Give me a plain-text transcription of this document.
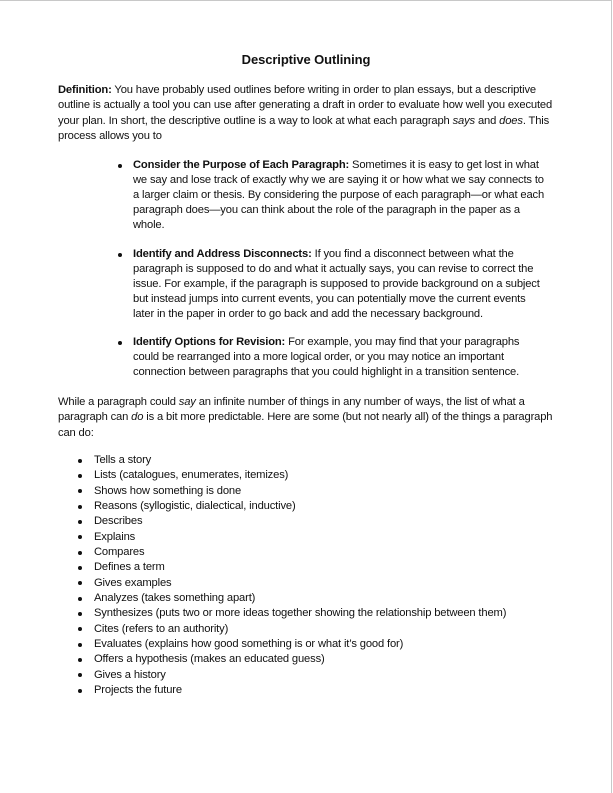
Descriptive Outlining

Definition: You have probably used outlines before writing in order to plan essays, but a descriptive outline is actually a tool you can use after generating a draft in order to evaluate how well you executed your plan. In short, the descriptive outline is a way to look at what each paragraph says and does. This process allows you to

Consider the Purpose of Each Paragraph: Sometimes it is easy to get lost in what we say and lose track of exactly why we are saying it or how what we say connects to a larger claim or thesis. By considering the purpose of each paragraph—or what each paragraph does—you can think about the role of the paragraph in the paper as a whole.
Identify and Address Disconnects: If you find a disconnect between what the paragraph is supposed to do and what it actually says, you can revise to correct the issue. For example, if the paragraph is supposed to provide background on a subject but instead jumps into current events, you can potentially move the current events later in the paper in order to go back and add the necessary background.
Identify Options for Revision: For example, you may find that your paragraphs could be rearranged into a more logical order, or you may notice an important connection between paragraphs that you could highlight in a transition sentence.

While a paragraph could say an infinite number of things in any number of ways, the list of what a paragraph can do is a bit more predictable. Here are some (but not nearly all) of the things a paragraph can do:

Tells a story
Lists (catalogues, enumerates, itemizes)
Shows how something is done
Reasons (syllogistic, dialectical, inductive)
Describes
Explains
Compares
Defines a term
Gives examples
Analyzes (takes something apart)
Synthesizes (puts two or more ideas together showing the relationship between them)
Cites (refers to an authority)
Evaluates (explains how good something is or what it’s good for)
Offers a hypothesis (makes an educated guess)
Gives a history
Projects the future
